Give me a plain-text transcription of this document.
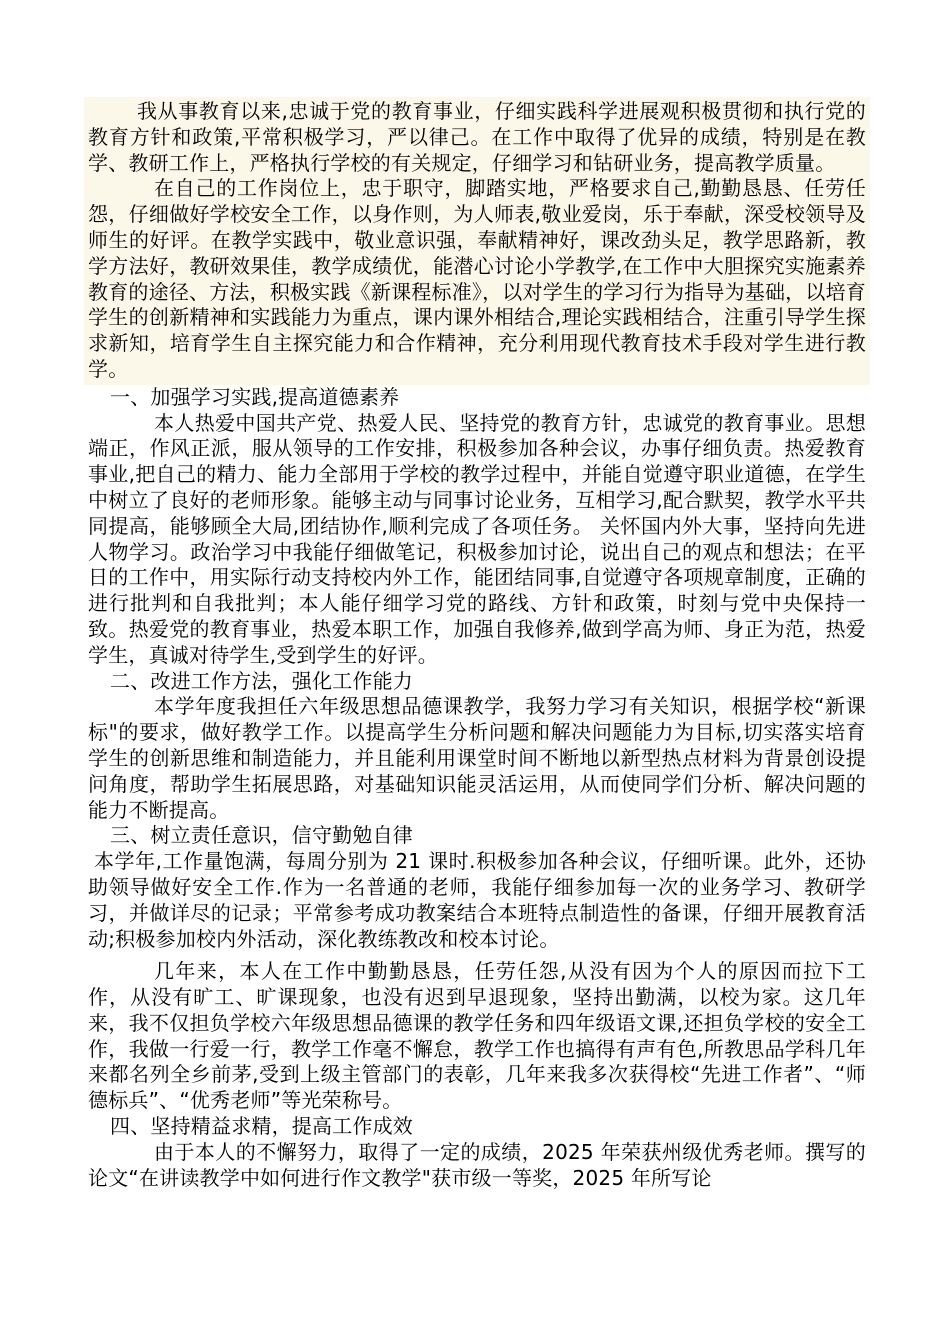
我从事教育以来,忠诚于党的教育事业，仔细实践科学进展观积极贯彻和执行党的教育方针和政策,平常积极学习，严以律己。在工作中取得了优异的成绩，特别是在教学、教研工作上，严格执行学校的有关规定，仔细学习和钻研业务，提高教学质量。

在自己的工作岗位上，忠于职守，脚踏实地，严格要求自己,勤勤恳恳、任劳任怨，仔细做好学校安全工作，以身作则，为人师表,敬业爱岗，乐于奉献，深受校领导及师生的好评。在教学实践中，敬业意识强，奉献精神好，课改劲头足，教学思路新，教学方法好，教研效果佳，教学成绩优，能潜心讨论小学教学,在工作中大胆探究实施素养教育的途径、方法，积极实践《新课程标准》，以对学生的学习行为指导为基础，以培育学生的创新精神和实践能力为重点，课内课外相结合,理论实践相结合，注重引导学生探求新知，培育学生自主探究能力和合作精神，充分利用现代教育技术手段对学生进行教学。

一、加强学习实践,提高道德素养

本人热爱中国共产党、热爱人民、坚持党的教育方针，忠诚党的教育事业。思想端正，作风正派，服从领导的工作安排，积极参加各种会议，办事仔细负责。热爱教育事业,把自己的精力、能力全部用于学校的教学过程中，并能自觉遵守职业道德，在学生中树立了良好的老师形象。能够主动与同事讨论业务，互相学习,配合默契，教学水平共同提高，能够顾全大局,团结协作,顺利完成了各项任务。 关怀国内外大事，坚持向先进人物学习。政治学习中我能仔细做笔记，积极参加讨论，说出自己的观点和想法；在平日的工作中，用实际行动支持校内外工作，能团结同事,自觉遵守各项规章制度，正确的进行批判和自我批判；本人能仔细学习党的路线、方针和政策，时刻与党中央保持一致。热爱党的教育事业，热爱本职工作，加强自我修养,做到学高为师、身正为范，热爱学生，真诚对待学生,受到学生的好评。

二、改进工作方法，强化工作能力

本学年度我担任六年级思想品德课教学，我努力学习有关知识，根据学校“新课标"的要求，做好教学工作。以提高学生分析问题和解决问题能力为目标,切实落实培育学生的创新思维和制造能力，并且能利用课堂时间不断地以新型热点材料为背景创设提问角度，帮助学生拓展思路，对基础知识能灵活运用，从而使同学们分析、解决问题的能力不断提高。

三、树立责任意识，信守勤勉自律

本学年,工作量饱满，每周分别为 21 课时.积极参加各种会议，仔细听课。此外，还协助领导做好安全工作.作为一名普通的老师，我能仔细参加每一次的业务学习、教研学习，并做详尽的记录；平常参考成功教案结合本班特点制造性的备课，仔细开展教育活动;积极参加校内外活动，深化教练教改和校本讨论。

几年来，本人在工作中勤勤恳恳，任劳任怨,从没有因为个人的原因而拉下工作，从没有旷工、旷课现象，也没有迟到早退现象，坚持出勤满，以校为家。这几年来，我不仅担负学校六年级思想品德课的教学任务和四年级语文课,还担负学校的安全工作，我做一行爱一行，教学工作毫不懈怠，教学工作也搞得有声有色,所教思品学科几年来都名列全乡前茅,受到上级主管部门的表彰，几年来我多次获得校“先进工作者”、“师德标兵”、“优秀老师”等光荣称号。

四、坚持精益求精，提高工作成效

由于本人的不懈努力，取得了一定的成绩，2025 年荣获州级优秀老师。撰写的论文“在讲读教学中如何进行作文教学"获市级一等奖，2025 年所写论
